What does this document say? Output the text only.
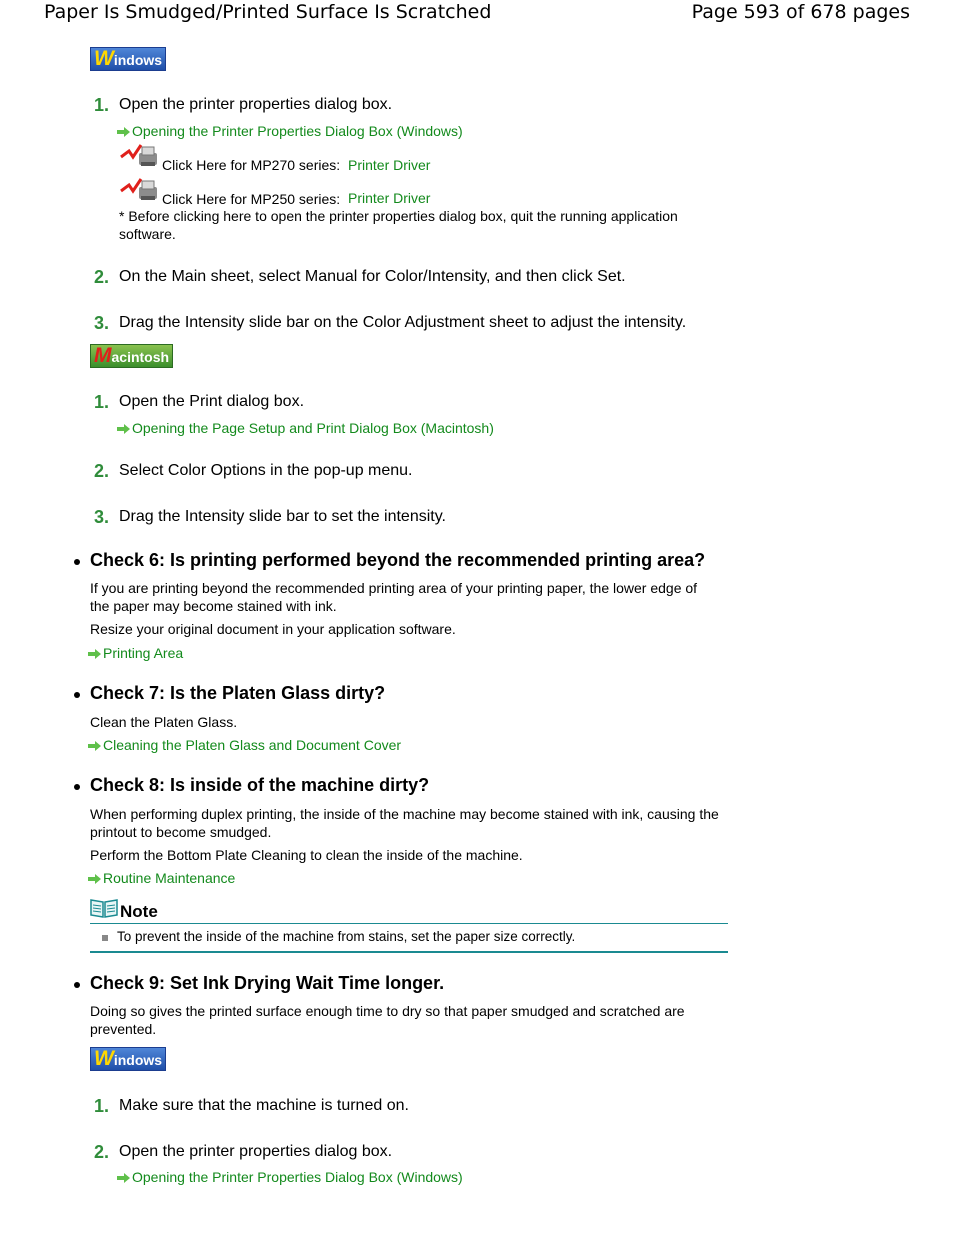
Paper Is Smudged/Printed Surface Is Scratched	Page 593 of 678 pages
Windows
1. Open the printer properties dialog box.
Opening the Printer Properties Dialog Box (Windows)
Click Here for MP270 series: Printer Driver
Click Here for MP250 series: Printer Driver
* Before clicking here to open the printer properties dialog box, quit the running application
software.
2. On the Main sheet, select Manual for Color/Intensity, and then click Set.
3. Drag the Intensity slide bar on the Color Adjustment sheet to adjust the intensity.
Macintosh
1. Open the Print dialog box.
Opening the Page Setup and Print Dialog Box (Macintosh)
2. Select Color Options in the pop-up menu.
3. Drag the Intensity slide bar to set the intensity.
Check 6: Is printing performed beyond the recommended printing area?
If you are printing beyond the recommended printing area of your printing paper, the lower edge of the paper may become stained with ink.
Resize your original document in your application software.
Printing Area
Check 7: Is the Platen Glass dirty?
Clean the Platen Glass.
Cleaning the Platen Glass and Document Cover
Check 8: Is inside of the machine dirty?
When performing duplex printing, the inside of the machine may become stained with ink, causing the printout to become smudged.
Perform the Bottom Plate Cleaning to clean the inside of the machine.
Routine Maintenance
Note
To prevent the inside of the machine from stains, set the paper size correctly.
Check 9: Set Ink Drying Wait Time longer.
Doing so gives the printed surface enough time to dry so that paper smudged and scratched are prevented.
Windows
1. Make sure that the machine is turned on.
2. Open the printer properties dialog box.
Opening the Printer Properties Dialog Box (Windows)
